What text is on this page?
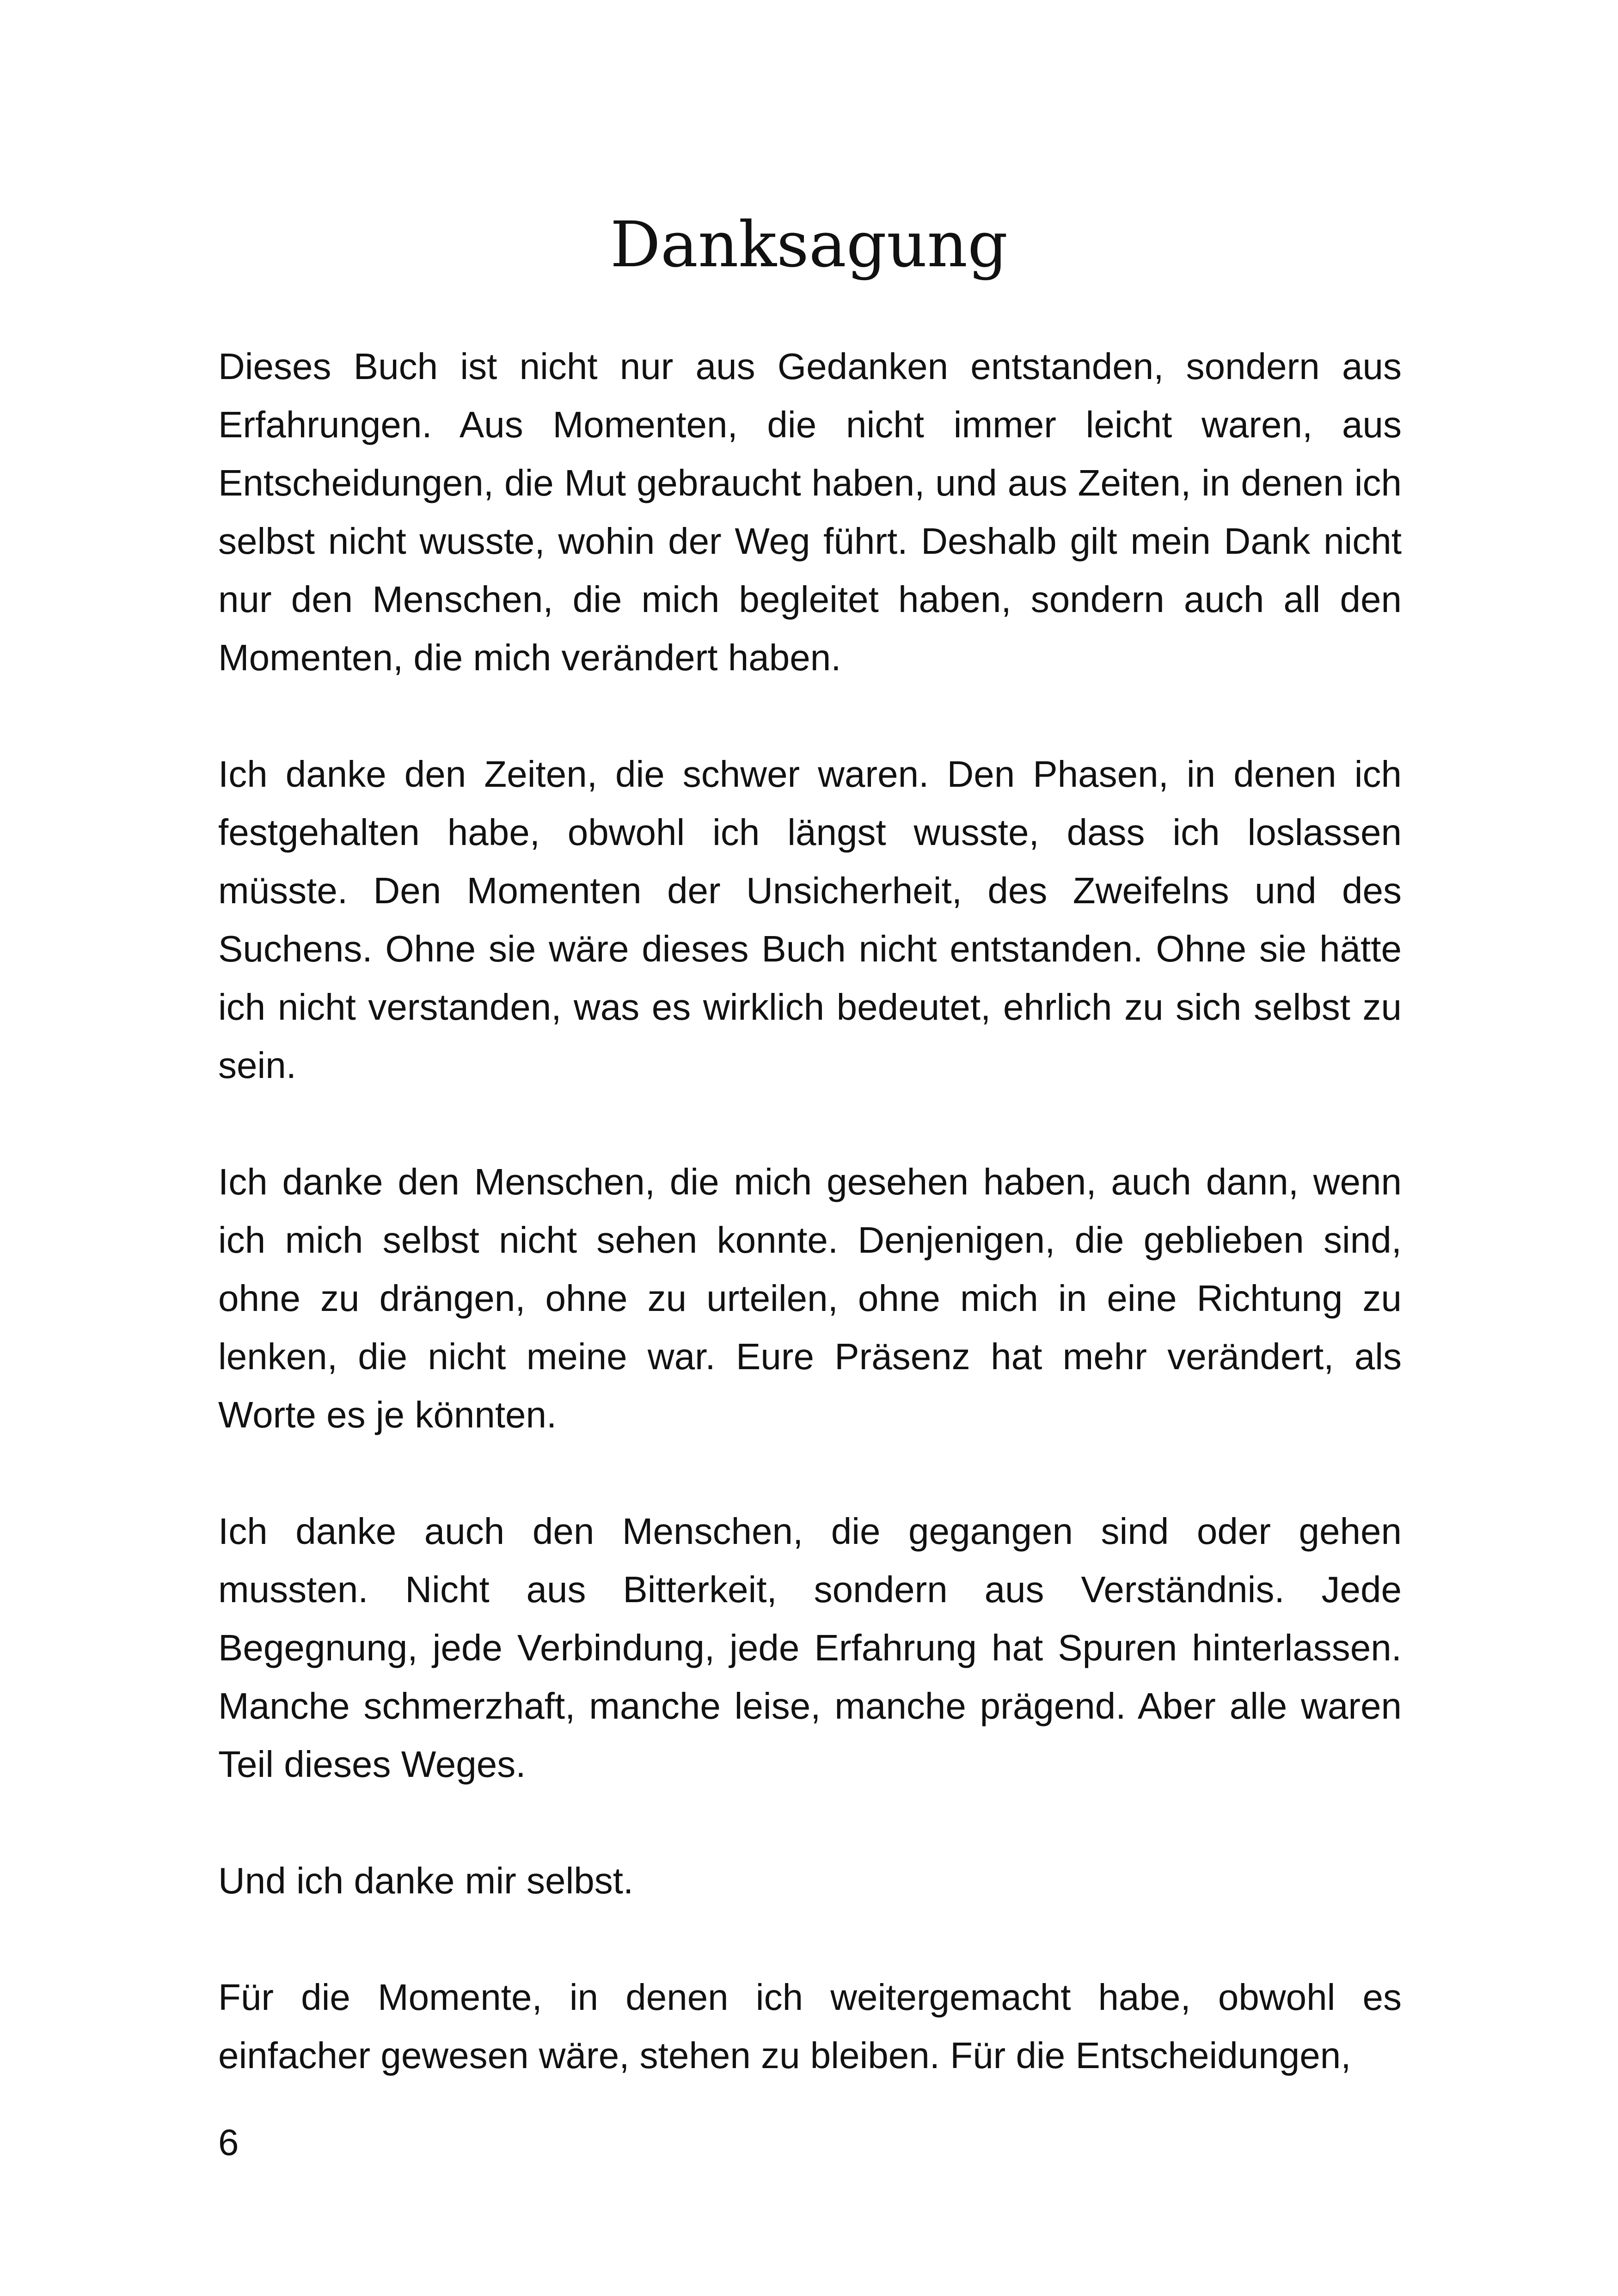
Danksagung

Dieses Buch ist nicht nur aus Gedanken entstanden, sondern aus Erfahrungen. Aus Momenten, die nicht immer leicht waren, aus Entscheidungen, die Mut gebraucht haben, und aus Zeiten, in denen ich selbst nicht wusste, wohin der Weg führt. Deshalb gilt mein Dank nicht nur den Menschen, die mich begleitet haben, sondern auch all den Momenten, die mich verändert haben.

Ich danke den Zeiten, die schwer waren. Den Phasen, in denen ich festgehalten habe, obwohl ich längst wusste, dass ich loslassen müsste. Den Momenten der Unsicherheit, des Zweifelns und des Suchens. Ohne sie wäre dieses Buch nicht entstanden. Ohne sie hätte ich nicht verstanden, was es wirklich bedeutet, ehrlich zu sich selbst zu sein.

Ich danke den Menschen, die mich gesehen haben, auch dann, wenn ich mich selbst nicht sehen konnte. Denjenigen, die geblieben sind, ohne zu drängen, ohne zu urteilen, ohne mich in eine Richtung zu lenken, die nicht meine war. Eure Präsenz hat mehr verändert, als Worte es je könnten.

Ich danke auch den Menschen, die gegangen sind oder gehen mussten. Nicht aus Bitterkeit, sondern aus Verständnis. Jede Begegnung, jede Verbindung, jede Erfahrung hat Spuren hinterlassen. Manche schmerzhaft, manche leise, manche prägend. Aber alle waren Teil dieses Weges.

Und ich danke mir selbst.

Für die Momente, in denen ich weitergemacht habe, obwohl es einfacher gewesen wäre, stehen zu bleiben. Für die Entscheidungen,

6
